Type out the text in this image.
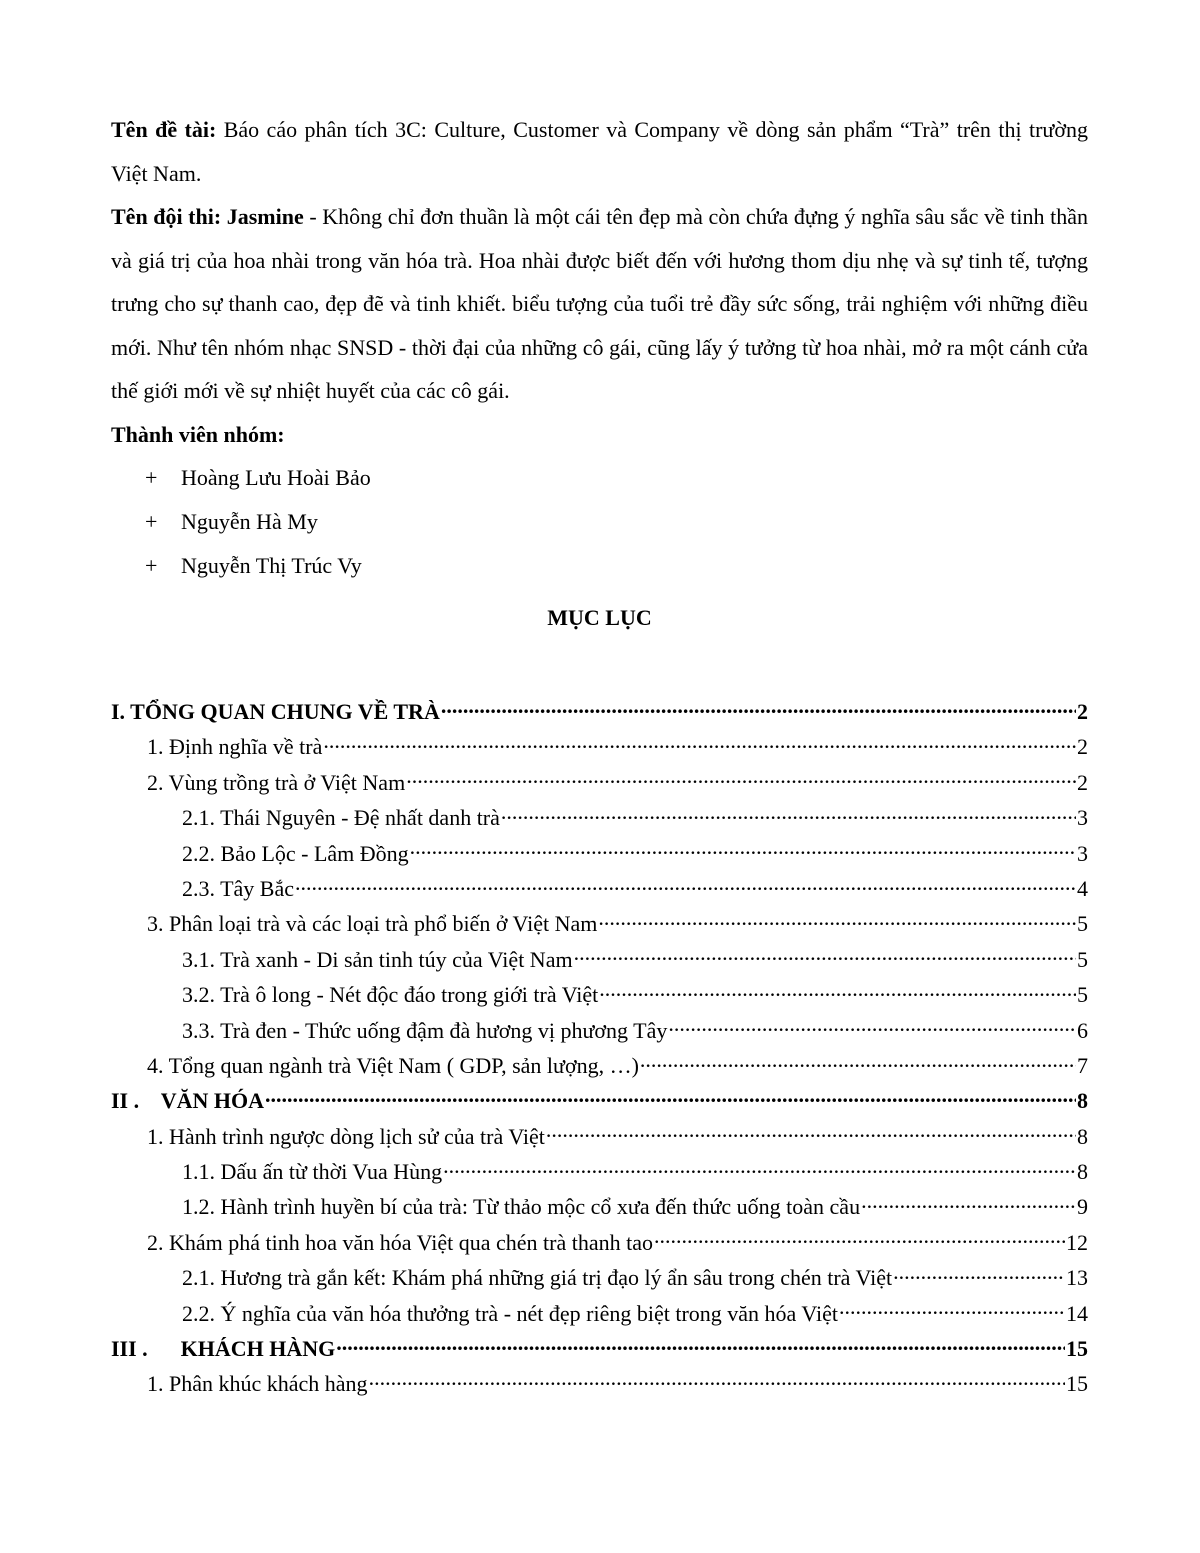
Tên đề tài: Báo cáo phân tích 3C: Culture, Customer và Company về dòng sản phẩm “Trà” trên thị trường Việt Nam.

Tên đội thi: Jasmine - Không chỉ đơn thuần là một cái tên đẹp mà còn chứa đựng ý nghĩa sâu sắc về tinh thần và giá trị của hoa nhài trong văn hóa trà. Hoa nhài được biết đến với hương thom dịu nhẹ và sự tinh tế, tượng trưng cho sự thanh cao, đẹp đẽ và tinh khiết. biểu tượng của tuổi trẻ đầy sức sống, trải nghiệm với những điều mới. Như tên nhóm nhạc SNSD - thời đại của những cô gái, cũng lấy ý tưởng từ hoa nhài, mở ra một cánh cửa thế giới mới về sự nhiệt huyết của các cô gái.

Thành viên nhóm:

+	Hoàng Lưu Hoài Bảo
+	Nguyễn Hà My
+	Nguyễn Thị Trúc Vy
MỤC LỤC
I. TỔNG QUAN CHUNG VỀ TRÀ .....	2
1. Định nghĩa về trà .....	2
2. Vùng trồng trà ở Việt Nam .....	2
2.1. Thái Nguyên - Đệ nhất danh trà .....	3
2.2. Bảo Lộc - Lâm Đồng .....	3
2.3. Tây Bắc .....	4
3. Phân loại trà và các loại trà phổ biến ở Việt Nam .....	5
3.1. Trà xanh - Di sản tinh túy của Việt Nam .....	5
3.2. Trà ô long - Nét độc đáo trong giới trà Việt .....	5
3.3. Trà đen - Thức uống đậm đà hương vị phương Tây .....	6
4. Tổng quan ngành trà Việt Nam ( GDP, sản lượng, …) .....	7
II .    VĂN HÓA .....	8
1. Hành trình ngược dòng lịch sử của trà Việt .....	8
1.1. Dấu ấn từ thời Vua Hùng .....	8
1.2. Hành trình huyền bí của trà: Từ thảo mộc cổ xưa đến thức uống toàn cầu .....	9
2. Khám phá tinh hoa văn hóa Việt qua chén trà thanh tao .....	12
2.1. Hương trà gắn kết: Khám phá những giá trị đạo lý ẩn sâu trong chén trà Việt .....	13
2.2. Ý nghĩa của văn hóa thưởng trà - nét đẹp riêng biệt trong văn hóa Việt .....	14
III .      KHÁCH HÀNG .....	15
1. Phân khúc khách hàng .....	15
